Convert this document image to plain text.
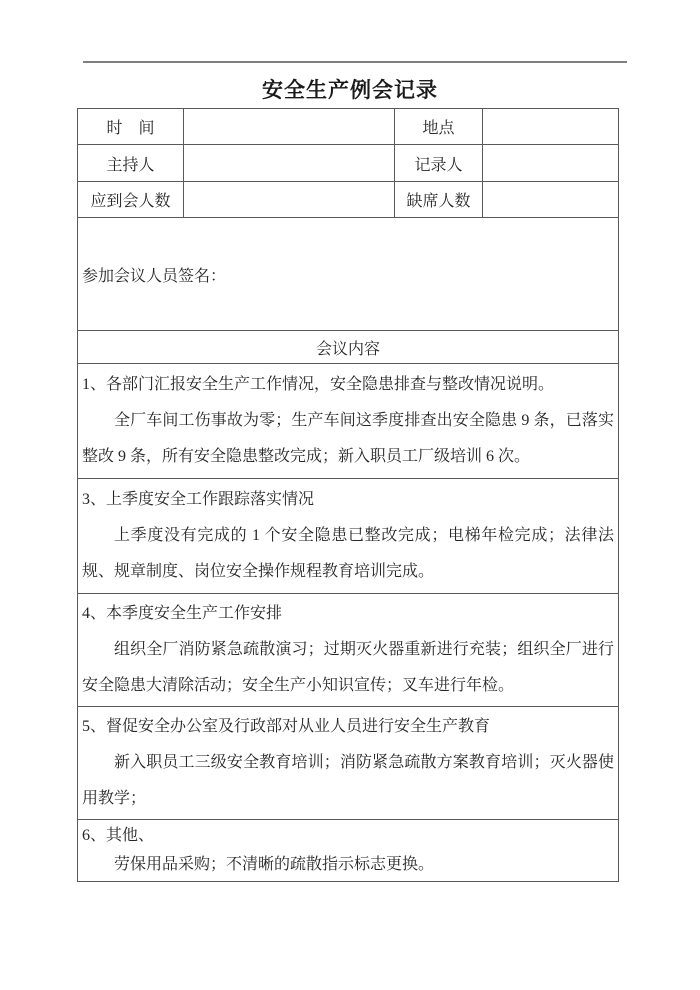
安全生产例会记录
时　间		地点	
主持人		记录人	
应到会人数		缺席人数	
参加会议人员签名：			
会议内容			

1、各部门汇报安全生产工作情况，安全隐患排查与整改情况说明。
全厂车间工伤事故为零；生产车间这季度排查出安全隐患 9 条，已落实整改 9 条，所有安全隐患整改完成；新入职员工厂级培训 6 次。			

3、上季度安全工作跟踪落实情况
上季度没有完成的 1 个安全隐患已整改完成；电梯年检完成；法律法规、规章制度、岗位安全操作规程教育培训完成。			

4、本季度安全生产工作安排
组织全厂消防紧急疏散演习；过期灭火器重新进行充装；组织全厂进行安全隐患大清除活动；安全生产小知识宣传；叉车进行年检。			

5、督促安全办公室及行政部对从业人员进行安全生产教育
新入职员工三级安全教育培训；消防紧急疏散方案教育培训；灭火器使用教学；			

6、其他、
劳保用品采购；不清晰的疏散指示标志更换。			
